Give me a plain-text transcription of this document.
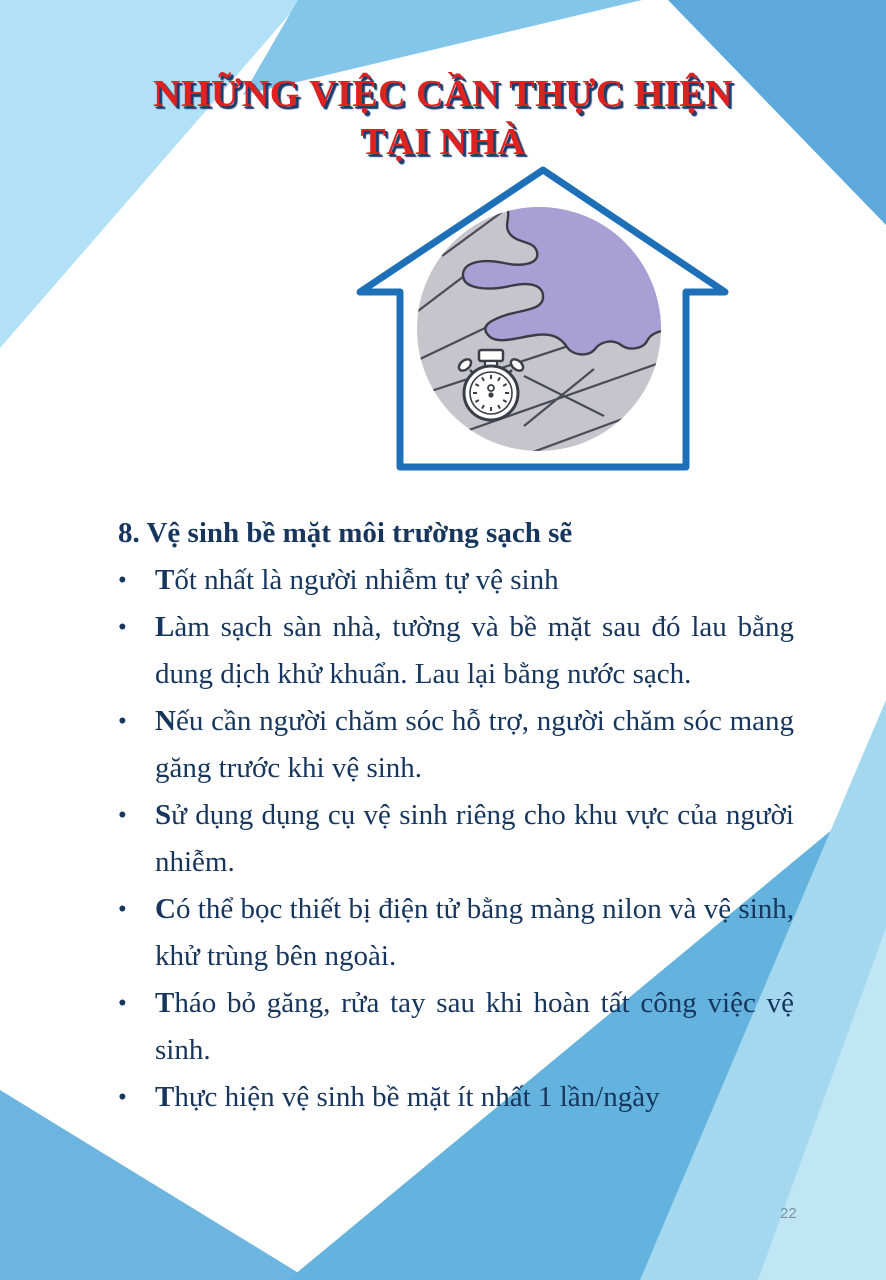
NHỮNG VIỆC CẦN THỰC HIỆN
TẠI NHÀ
8. Vệ sinh bề mặt môi trường sạch sẽ
• Tốt nhất là người nhiễm tự vệ sinh
• Làm sạch sàn nhà, tường và bề mặt sau đó lau bằng dung dịch khử khuẩn. Lau lại bằng nước sạch.
• Nếu cần người chăm sóc hỗ trợ, người chăm sóc mang găng trước khi vệ sinh.
• Sử dụng dụng cụ vệ sinh riêng cho khu vực của người nhiễm.
• Có thể bọc thiết bị điện tử bằng màng nilon và vệ sinh, khử trùng bên ngoài.
• Tháo bỏ găng, rửa tay sau khi hoàn tất công việc vệ sinh.
• Thực hiện vệ sinh bề mặt ít nhất 1 lần/ngày
22
